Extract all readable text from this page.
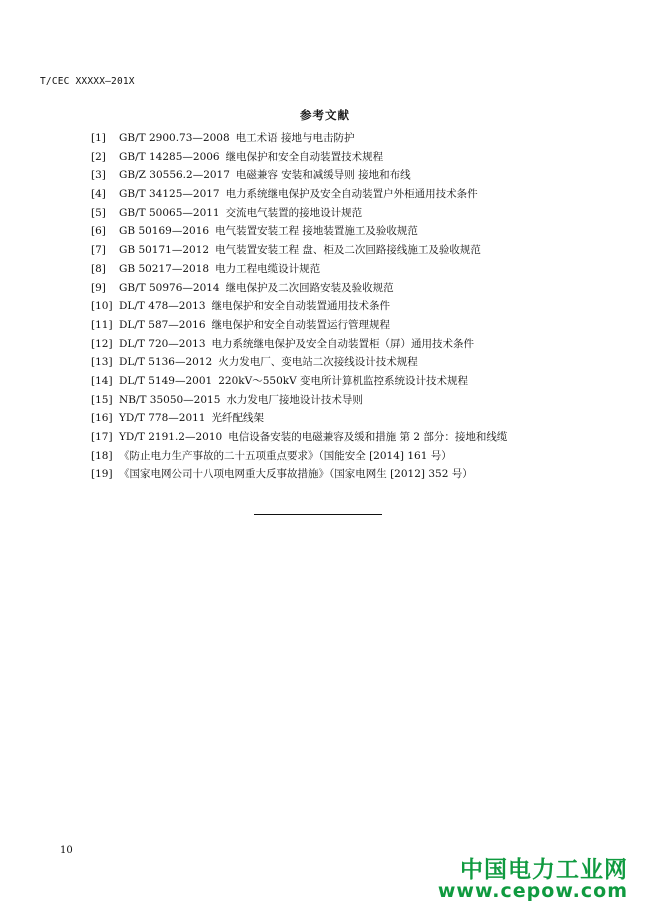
T/CEC XXXXX—201X
参考文献
[1]	GB/T 2900.73—2008 电工术语 接地与电击防护
[2]	GB/T 14285—2006 继电保护和安全自动装置技术规程
[3]	GB/Z 30556.2—2017 电磁兼容 安装和减缓导则 接地和布线
[4]	GB/T 34125—2017 电力系统继电保护及安全自动装置户外柜通用技术条件
[5]	GB/T 50065—2011 交流电气装置的接地设计规范
[6]	GB 50169—2016 电气装置安装工程 接地装置施工及验收规范
[7]	GB 50171—2012 电气装置安装工程 盘、柜及二次回路接线施工及验收规范
[8]	GB 50217—2018 电力工程电缆设计规范
[9]	GB/T 50976—2014 继电保护及二次回路安装及验收规范
[10] DL/T 478—2013 继电保护和安全自动装置通用技术条件
[11] DL/T 587—2016 继电保护和安全自动装置运行管理规程
[12] DL/T 720—2013 电力系统继电保护及安全自动装置柜（屏）通用技术条件
[13] DL/T 5136—2012 火力发电厂、变电站二次接线设计技术规程
[14] DL/T 5149—2001 220kV～550kV 变电所计算机监控系统设计技术规程
[15] NB/T 35050—2015 水力发电厂接地设计技术导则
[16] YD/T 778—2011 光纤配线架
[17] YD/T 2191.2—2010 电信设备安装的电磁兼容及缓和措施 第 2 部分：接地和线缆
[18] 《防止电力生产事故的二十五项重点要求》（国能安全 [2014] 161 号）
[19] 《国家电网公司十八项电网重大反事故措施》（国家电网生 [2012] 352 号）
10
中国电力工业网
www.cepow.com
